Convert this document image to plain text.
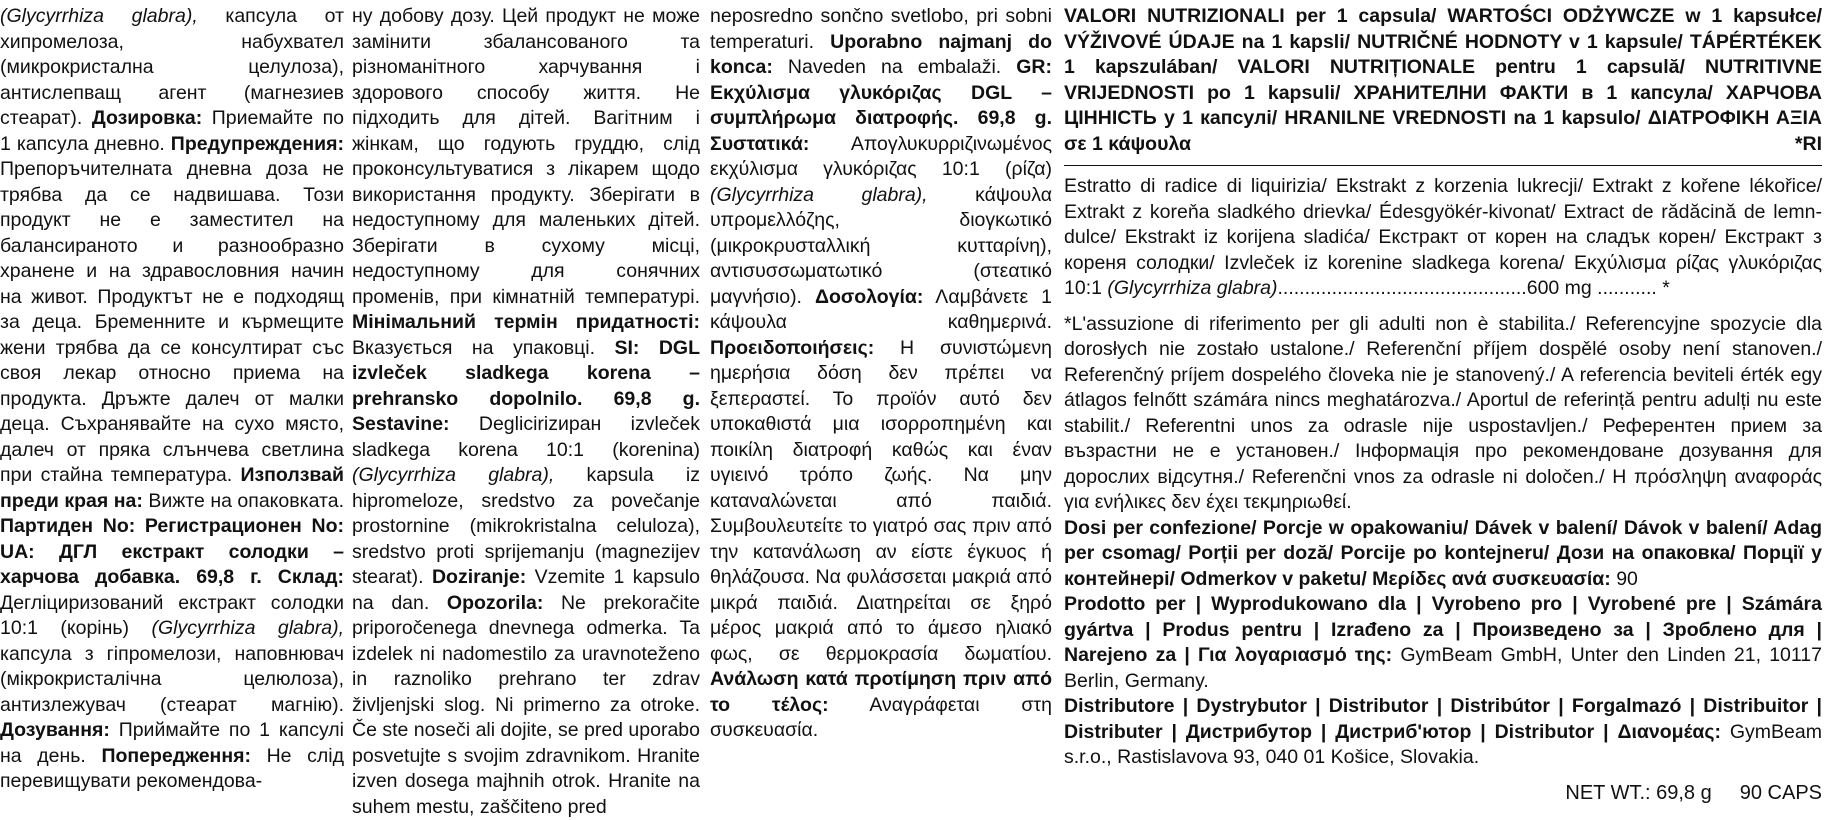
(Glycyrrhiza glabra), капсула от хипромелоза, набухвател (микрокристална целулоза), антислепващ агент (магнезиев стеарат). Дозировка: Приемайте по 1 капсула дневно. Предупреждения: Препоръчителната дневна доза не трябва да се надвишава. Този продукт не е заместител на балансираното и разнообразно хранене и на здравословния начин на живот. Продуктът не е подходящ за деца. Бременните и кърмещите жени трябва да се консултират със своя лекар относно приема на продукта. Дръжте далеч от малки деца. Съхранявайте на сухо място, далеч от пряка слънчева светлина при стайна температура. Използвай преди края на: Вижте на опаковката. Партиден No: Регистрационен No: UA: ДГЛ екстракт солодки – харчова добавка. 69,8 г. Склад: Дегліциризований екстракт солодки 10:1 (корінь) (Glycyrrhiza glabra), капсула з гіпромелози, наповнювач (мікрокристалічна целюлоза), антизлежувач (стеарат магнію). Дозування: Приймайте по 1 капсулі на день. Попередження: Не слід перевищувати рекомендова-

ну добову дозу. Цей продукт не може замінити збалансованого та різноманітного харчування і здорового способу життя. Не підходить для дітей. Вагітним і жінкам, що годують груддю, слід проконсультуватися з лікарем щодо використання продукту. Зберігати в недоступному для маленьких дітей. Зберігати в сухому місці, недоступному для сонячних променів, при кімнатній температурі. Мінімальний термін придатності: Вказується на упаковці. SI: DGL izvleček sladkega korena – prehransko dopolnilo. 69,8 g. Sestavine: Deglicirizиран izvleček sladkega korena 10:1 (korenina) (Glycyrrhiza glabra), kapsula iz hipromeloze, sredstvo za povečanje prostornine (mikrokristalna celuloza), sredstvo proti sprijemanju (magnezijev stearat). Doziranje: Vzemite 1 kapsulo na dan. Opozorila: Ne prekoračite priporočenega dnevnega odmerka. Ta izdelek ni nadomestilo za uravnoteženo in raznoliko prehrano ter zdrav življenjski slog. Ni primerno za otroke. Če ste noseči ali dojite, se pred uporabo posvetujte s svojim zdravnikom. Hranite izven dosega majhnih otrok. Hranite na suhem mestu, zaščiteno pred

neposredno sončno svetlobo, pri sobni temperaturi. Uporabno najmanj do konca: Naveden na embalaži. GR: Εκχύλισμα γλυκόριζας DGL – συμπλήρωμα διατροφής. 69,8 g. Συστατικά: Απογλυκυρριζινωμένος εκχύλισμα γλυκόριζας 10:1 (ρίζα) (Glycyrrhiza glabra), κάψουλα υπρομελλόζης, διογκωτικό (μικροκρυσταλλική κυτταρίνη), αντισυσσωματωτικό (στεατικό μαγνήσιο). Δοσολογία: Λαμβάνετε 1 κάψουλα καθημερινά. Προειδοποιήσεις: Η συνιστώμενη ημερήσια δόση δεν πρέπει να ξεπεραστεί. Το προϊόν αυτό δεν υποκαθιστά μια ισορροπημένη και ποικίλη διατροφή καθώς και έναν υγιεινό τρόπο ζωής. Να μην καταναλώνεται από παιδιά. Συμβουλευτείτε το γιατρό σας πριν από την κατανάλωση αν είστε έγκυος ή θηλάζουσα. Να φυλάσσεται μακριά από μικρά παιδιά. Διατηρείται σε ξηρό μέρος μακριά από το άμεσο ηλιακό φως, σε θερμοκρασία δωματίου. Ανάλωση κατά προτίμηση πριν από το τέλος: Αναγράφεται στη συσκευασία.

VALORI NUTRIZIONALI per 1 capsula/ WARTOŚCI ODŻYWCZE w 1 kapsułce/ VÝŽIVOVÉ ÚDAJE na 1 kapsli/ NUTRIČNÉ HODNOTY v 1 kapsule/ TÁPÉRTÉKEK 1 kapszulában/ VALORI NUTRIȚIONALE pentru 1 capsulă/ NUTRITIVNE VRIJEDNOSTI po 1 kapsuli/ ХРАНИТЕЛНИ ФАКТИ в 1 капсула/ ХАРЧОВА ЦІННІСТЬ у 1 капсулі/ HRANILNE VREDNOSTI na 1 kapsulo/ ΔΙΑΤΡΟΦΙΚΗ ΑΞΙΑ σε 1 κάψουλα	*RI

Estratto di radice di liquirizia/ Ekstrakt z korzenia lukrecji/ Extrakt z kořene lékořice/ Extrakt z koreňa sladkého drievka/ Édesgyökér-kivonat/ Extract de rădăcină de lemn-dulce/ Ekstrakt iz korijena sladića/ Екстракт от корен на сладък корен/ Екстракт з кореня солодки/ Izvleček iz korenine sladkega korena/ Εκχύλισμα ρίζας γλυκόριζας 10:1 (Glycyrrhiza glabra)..............................................600 mg ........... *

*L'assuzione di riferimento per gli adulti non è stabilita./ Referencyjne spozycie dla dorosłych nie zostało ustalone./ Referenční příjem dospělé osoby není stanoven./ Referenčný príjem dospelého človeka nie je stanovený./ A referencia beviteli érték egy átlagos felnőtt számára nincs meghatározva./ Aportul de referință pentru adulți nu este stabilit./ Referentni unos za odrasle nije uspostavljen./ Референтен прием за възрастни не е установен./ Інформація про рекомендоване дозування для дорослих відсутня./ Referenčni vnos za odrasle ni določen./ Η πρόσληψη αναφοράς για ενήλικες δεν έχει τεκμηριωθεί.

Dosi per confezione/ Porcje w opakowaniu/ Dávek v balení/ Dávok v balení/ Adag per csomag/ Porții per doză/ Porcije po kontejneru/ Дози на опаковка/ Порції у контейнері/ Odmerkov v paketu/ Μερίδες ανά συσκευασία: 90

Prodotto per | Wyprodukowano dla | Vyrobeno pro | Vyrobené pre | Számára gyártva | Produs pentru | Izrađeno za | Произведено за | Зроблено для | Narejeno za | Για λογαριασμό της: GymBeam GmbH, Unter den Linden 21, 10117 Berlin, Germany.

Distributore | Dystrybutor | Distributor | Distribútor | Forgalmazó | Distribuitor | Distributer | Дистрибутор | Дистриб'ютор | Distributor | Διανομέας: GymBeam s.r.o., Rastislavova 93, 040 01 Košice, Slovakia.

NET WT.: 69,8 g 90 CAPS
